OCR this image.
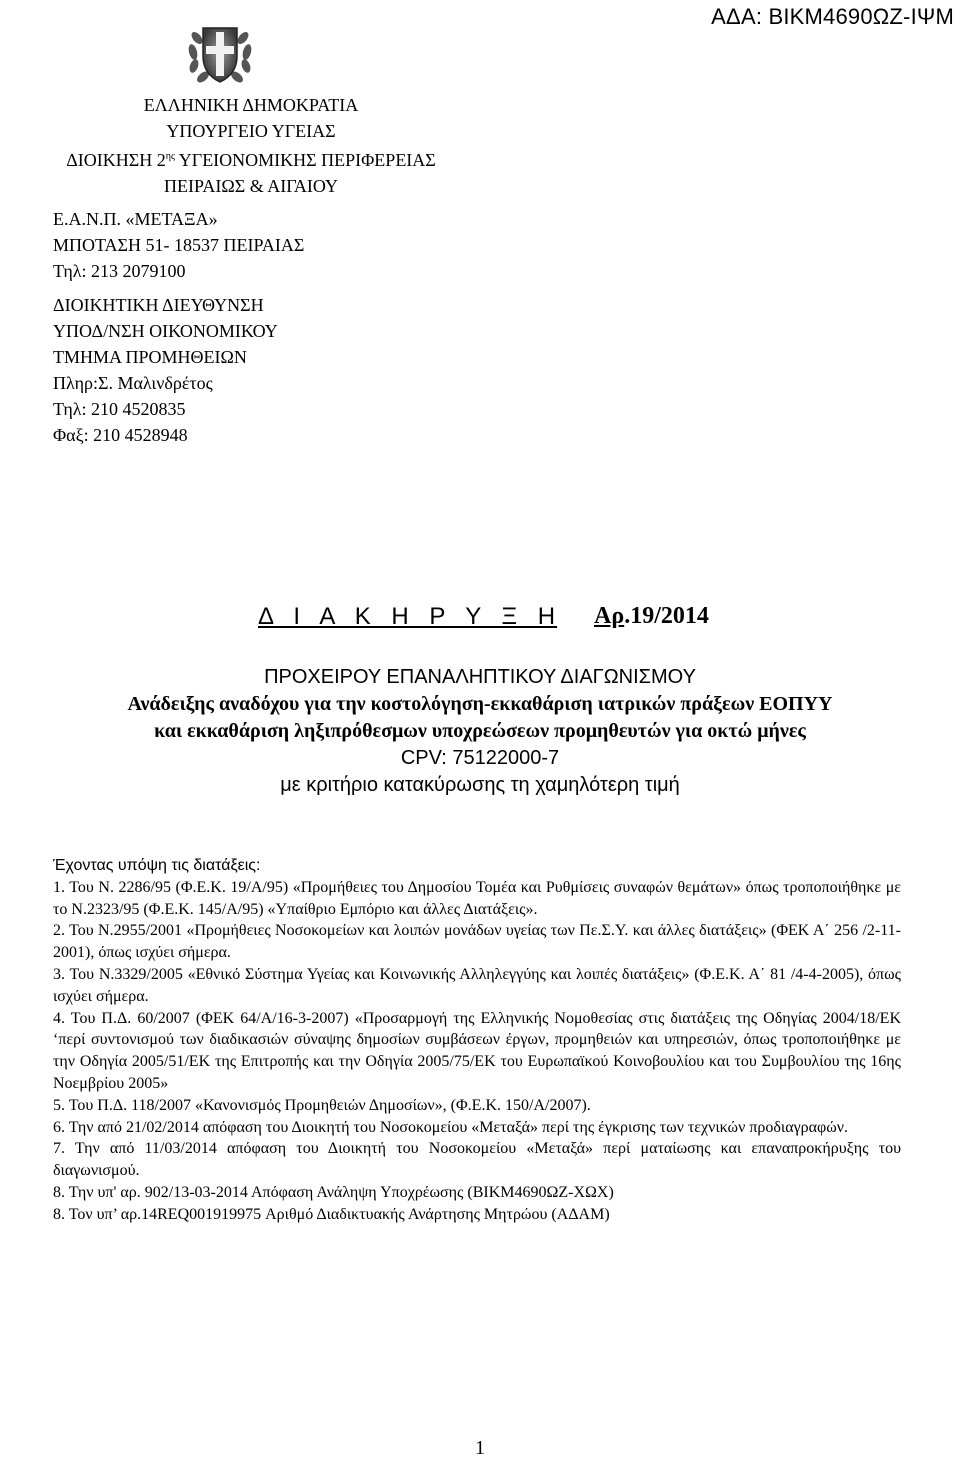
ΑΔΑ: ΒΙΚΜ4690ΩΖ-ΙΨΜ
ΕΛΛΗΝΙΚΗ ΔΗΜΟΚΡΑΤΙΑ
ΥΠΟΥΡΓΕΙΟ ΥΓΕΙΑΣ
ΔΙΟΙΚΗΣΗ $2^{\eta\varsigma}$ ΥΓΕΙΟΝΟΜΙΚΗΣ ΠΕΡΙΦΕΡΕΙΑΣ
ΠΕΙΡΑΙΩΣ & ΑΙΓΑΙΟΥ
Ε.Α.Ν.Π. «ΜΕΤΑΞΑ»
ΜΠΟΤΑΣΗ 51- 18537 ΠΕΙΡΑΙΑΣ
Τηλ: 213 2079100
ΔΙΟΙΚΗΤΙΚΗ ΔΙΕΥΘΥΝΣΗ
ΥΠΟΔ/ΝΣΗ ΟΙΚΟΝΟΜΙΚΟΥ
ΤΜΗΜΑ ΠΡΟΜΗΘΕΙΩΝ
Πληρ:Σ. Μαλινδρέτος
Τηλ: 210 4520835
Φαξ: 210 4528948
Δ Ι Α Κ Η Ρ Υ Ξ Η Αρ.19/2014
ΠΡΟΧΕΙΡΟΥ ΕΠΑΝΑΛΗΠΤΙΚΟΥ ΔΙΑΓΩΝΙΣΜΟΥ
Ανάδειξης αναδόχου για την κοστολόγηση-εκκαθάριση ιατρικών πράξεων ΕΟΠΥΥ
και εκκαθάριση ληξιπρόθεσμων υποχρεώσεων προμηθευτών για οκτώ μήνες
CPV: 75122000-7
με κριτήριο κατακύρωσης τη χαμηλότερη τιμή

Έχοντας υπόψη τις διατάξεις:

1. Του Ν. 2286/95 (Φ.Ε.Κ. 19/Α/95) «Προμήθειες του Δημοσίου Τομέα και Ρυθμίσεις συναφών θεμάτων» όπως τροποποιήθηκε με το Ν.2323/95 (Φ.Ε.Κ. 145/Α/95) «Υπαίθριο Εμπόριο και άλλες Διατάξεις».

2. Του Ν.2955/2001 «Προμήθειες Νοσοκομείων και λοιπών μονάδων υγείας των Πε.Σ.Υ. και άλλες διατάξεις» (ΦΕΚ Α΄ 256 /2-11-2001), όπως ισχύει σήμερα.

3. Του Ν.3329/2005 «Εθνικό Σύστημα Υγείας και Κοινωνικής Αλληλεγγύης και λοιπές διατάξεις» (Φ.Ε.Κ. Α΄ 81 /4-4-2005), όπως ισχύει σήμερα.

4. Του Π.Δ. 60/2007 (ΦΕΚ 64/Α/16-3-2007) «Προσαρμογή της Ελληνικής Νομοθεσίας στις διατάξεις της Οδηγίας 2004/18/ΕΚ ‘περί συντονισμού των διαδικασιών σύναψης δημοσίων συμβάσεων έργων, προμηθειών και υπηρεσιών, όπως τροποποιήθηκε με την Οδηγία 2005/51/ΕΚ της Επιτροπής και την Οδηγία 2005/75/ΕΚ του Ευρωπαϊκού Κοινοβουλίου και του Συμβουλίου της 16ης Νοεμβρίου 2005»

5. Του Π.Δ. 118/2007 «Κανονισμός Προμηθειών Δημοσίων», (Φ.Ε.Κ. 150/Α/2007).

6. Την από 21/02/2014 απόφαση του Διοικητή του Νοσοκομείου «Μεταξά» περί της έγκρισης των τεχνικών προδιαγραφών.

7. Την από 11/03/2014 απόφαση του Διοικητή του Νοσοκομείου «Μεταξά» περί ματαίωσης και επαναπροκήρυξης του διαγωνισμού.

8. Την υπ' αρ. 902/13-03-2014 Απόφαση Ανάληψη Υποχρέωσης (ΒΙΚΜ4690ΩΖ-ΧΩΧ)

8. Τον υπ’ αρ.14REQ001919975 Αριθμό Διαδικτυακής Ανάρτησης Μητρώου (ΑΔΑΜ)

1
